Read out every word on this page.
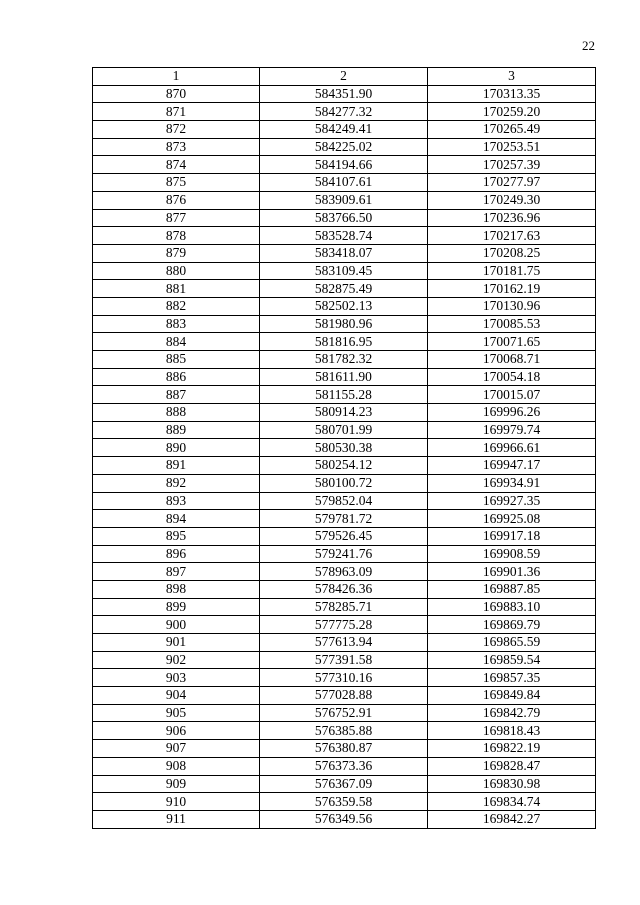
22
1	2	3
870	584351.90	170313.35
871	584277.32	170259.20
872	584249.41	170265.49
873	584225.02	170253.51
874	584194.66	170257.39
875	584107.61	170277.97
876	583909.61	170249.30
877	583766.50	170236.96
878	583528.74	170217.63
879	583418.07	170208.25
880	583109.45	170181.75
881	582875.49	170162.19
882	582502.13	170130.96
883	581980.96	170085.53
884	581816.95	170071.65
885	581782.32	170068.71
886	581611.90	170054.18
887	581155.28	170015.07
888	580914.23	169996.26
889	580701.99	169979.74
890	580530.38	169966.61
891	580254.12	169947.17
892	580100.72	169934.91
893	579852.04	169927.35
894	579781.72	169925.08
895	579526.45	169917.18
896	579241.76	169908.59
897	578963.09	169901.36
898	578426.36	169887.85
899	578285.71	169883.10
900	577775.28	169869.79
901	577613.94	169865.59
902	577391.58	169859.54
903	577310.16	169857.35
904	577028.88	169849.84
905	576752.91	169842.79
906	576385.88	169818.43
907	576380.87	169822.19
908	576373.36	169828.47
909	576367.09	169830.98
910	576359.58	169834.74
911	576349.56	169842.27
